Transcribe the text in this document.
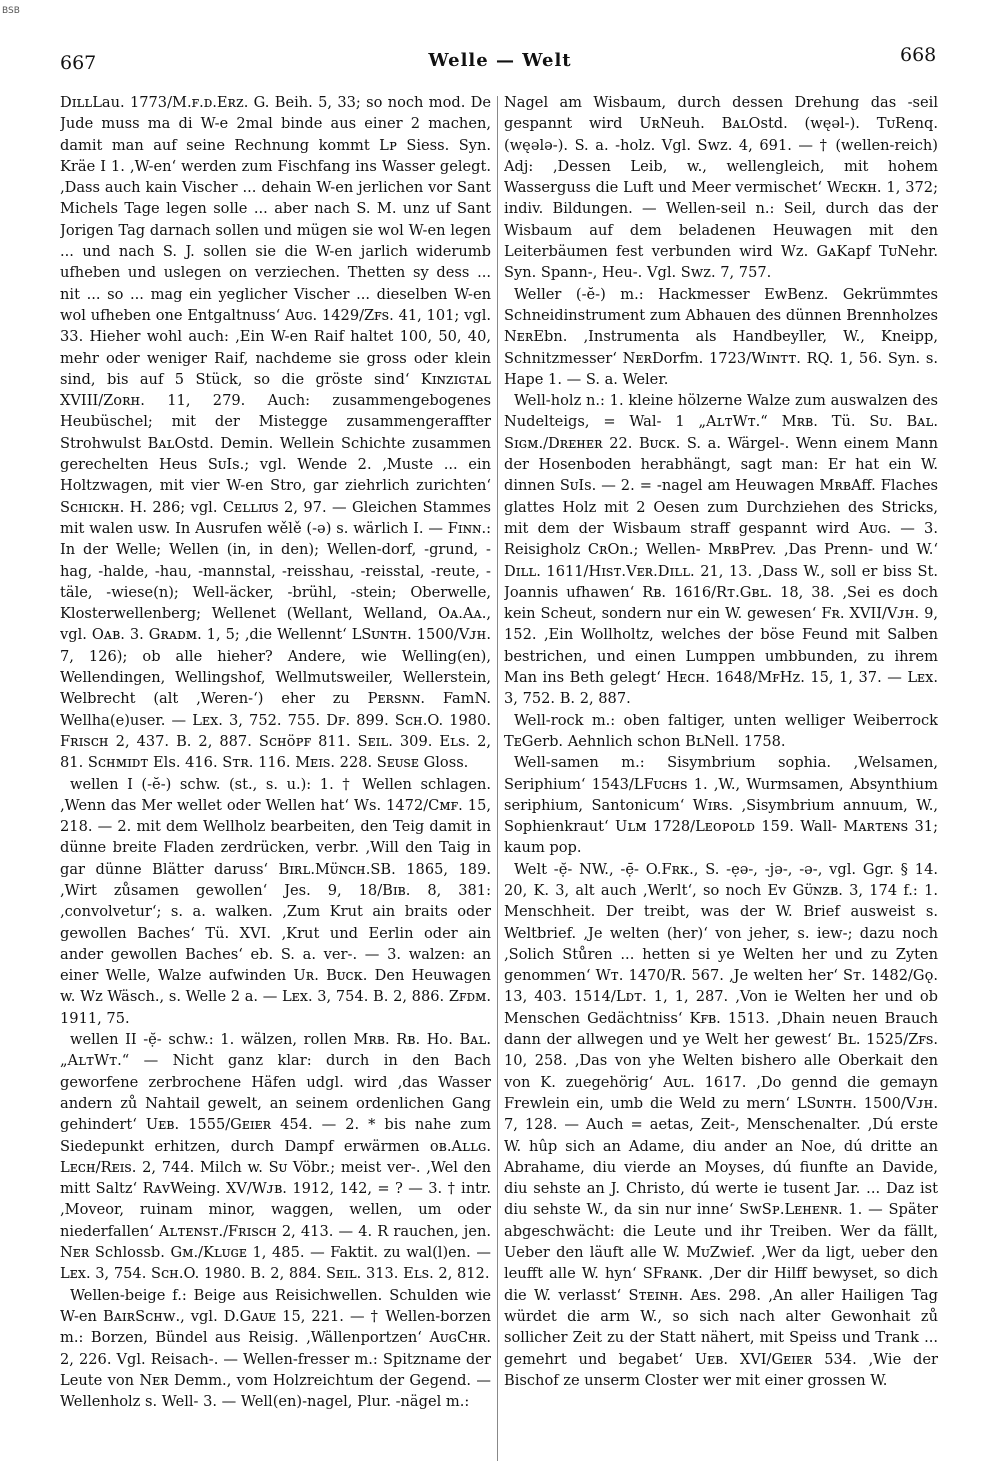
BSB
667	Welle — Welt	668

DɪʟʟLau. 1773/M.ꜰ.ᴅ.Eʀᴢ. G. Beih. 5, 33; so noch mod. De Jude muss ma di W-e 2mal binde aus einer 2 machen, damit man auf seine Rechnung kommt Lᴘ Siess. Syn. Kräe I 1. ‚W-en‘ werden zum Fischfang ins Wasser gelegt. ‚Dass auch kain Vischer ... dehain W-en jerlichen vor Sant Michels Tage legen solle ... aber nach S. M. unz uf Sant Jorigen Tag darnach sollen und mügen sie wol W-en legen ... und nach S. J. sollen sie die W-en jarlich widerumb ufheben und uslegen on verziechen. Thetten sy dess ... nit ... so ... mag ein yeglicher Vischer ... dieselben W-en wol ufheben one Entgaltnuss‘ Aᴜɢ. 1429/Zꜰs. 41, 101; vgl. 33. Hieher wohl auch: ‚Ein W-en Raif haltet 100, 50, 40, mehr oder weniger Raif, nachdeme sie gross oder klein sind, bis auf 5 Stück, so die gröste sind‘ Kɪɴᴢɪɢᴛᴀʟ XVIII/Zᴏʀʜ. 11, 279. Auch: zusammengebogenes Heubüschel; mit der Mistegge zusammengeraffter Strohwulst BᴀʟOstd. Demin. Wellein Schichte zusammen gerechelten Heus SᴜIs.; vgl. Wende 2. ‚Muste ... ein Holtzwagen, mit vier W-en Stro, gar ziehrlich zurichten‘ Sᴄʜɪᴄᴋʜ. H. 286; vgl. Cᴇʟʟɪᴜs 2, 97. — Gleichen Stammes mit walen usw. In Ausrufen wělě (-ə) s. wärlich I. — Fɪɴɴ.: In der Welle; Wellen (in, in den); Wellen-dorf, -grund, -hag, -halde, -hau, -mannstal, -reisshau, -reisstal, -reute, -täle, -wiese(n); Well-äcker, -brühl, -stein; Oberwelle, Klosterwellenberg; Wellenet (Wellant, Welland, Oᴀ.Aᴀ., vgl. Oᴀʙ. 3. Gʀᴀᴅᴍ. 1, 5; ‚die Wellennt‘ LSᴜɴᴛʜ. 1500/Vᴊʜ. 7, 126); ob alle hieher? Andere, wie Welling(en), Wellendingen, Wellingshof, Wellmutsweiler, Wellerstein, Welbrecht (alt ‚Weren-‘) eher zu Pᴇʀsɴɴ. FamN. Wellha(e)user. — Lᴇx. 3, 752. 755. Dꜰ. 899. Sᴄʜ.O. 1980. Fʀɪsᴄʜ 2, 437. B. 2, 887. Sᴄʜöᴘꜰ 811. Sᴇɪʟ. 309. Eʟs. 2, 81. Sᴄʜᴍɪᴅᴛ Els. 416. Sᴛʀ. 116. Mᴇɪs. 228. Sᴇᴜsᴇ Gloss.

wellen I (-ĕ-) schw. (st., s. u.): 1. † Wellen schlagen. ‚Wenn das Mer wellet oder Wellen hat‘ Ws. 1472/Cᴍꜰ. 15, 218. — 2. mit dem Wellholz bearbeiten, den Teig damit in dünne breite Fladen zerdrücken, verbr. ‚Will den Taig in gar dünne Blätter daruss‘ Bɪʀʟ.Mᴜ̈ɴᴄʜ.SB. 1865, 189. ‚Wirt zůsamen gewollen‘ Jes. 9, 18/Bɪʙ. 8, 381: ‚convolvetur‘; s. a. walken. ‚Zum Krut ain braits oder gewollen Baches‘ Tü. XVI. ‚Krut und Eerlin oder ain ander gewollen Baches‘ eb. S. a. ver-. — 3. walzen: an einer Welle, Walze aufwinden Uʀ. Bᴜᴄᴋ. Den Heuwagen w. Wz Wäsch., s. Welle 2 a. — Lᴇx. 3, 754. B. 2, 886. Zꜰᴅᴍ. 1911, 75.

wellen II -ẹ̆- schw.: 1. wälzen, rollen Mʀʙ. Rʙ. Hᴏ. Bᴀʟ. „AʟᴛWᴛ.“ — Nicht ganz klar: durch in den Bach geworfene zerbrochene Häfen udgl. wird ‚das Wasser andern zů Nahtail gewelt, an seinem ordenlichen Gang gehindert‘ Uᴇʙ. 1555/Gᴇɪᴇʀ 454. — 2. * bis nahe zum Siedepunkt erhitzen, durch Dampf erwärmen ᴏʙ.Aʟʟɢ. Lᴇᴄʜ/Rᴇɪs. 2, 744. Milch w. Sᴜ Vöbr.; meist ver-. ‚Wel den mitt Saltz‘ RᴀᴠWeing. XV/Wᴊʙ. 1912, 142, = ? — 3. † intr. ‚Moveor, ruinam minor, waggen, wellen, um oder niederfallen‘ Aʟᴛᴇɴsᴛ./Fʀɪsᴄʜ 2, 413. — 4. R rauchen, jen. Nᴇʀ Schlossb. Gᴍ./Kʟᴜɢᴇ 1, 485. — Faktit. zu wal(l)en. — Lᴇx. 3, 754. Sᴄʜ.O. 1980. B. 2, 884. Sᴇɪʟ. 313. Eʟs. 2, 812.

Wellen-beige f.: Beige aus Reisichwellen. Schulden wie W-en BᴀɪʀSᴄʜᴡ., vgl. D.Gᴀᴜᴇ 15, 221. — † Wellen-borzen m.: Borzen, Bündel aus Reisig. ‚Wällenportzen‘ AᴜɢCʜʀ. 2, 226. Vgl. Reisach-. — Wellen-fresser m.: Spitzname der Leute von Nᴇʀ Demm., vom Holzreichtum der Gegend. — Wellenholz s. Well- 3. — Well(en)-nagel, Plur. -nägel m.:

Nagel am Wisbaum, durch dessen Drehung das -seil gespannt wird UʀNeuh. BᴀʟOstd. (węəl-). TᴜRenq. (węələ-). S. a. -holz. Vgl. Swz. 4, 691. — † (wellen-reich) Adj: ‚Dessen Leib, w., wellengleich, mit hohem Wasserguss die Luft und Meer vermischet‘ Wᴇᴄᴋʜ. 1, 372; indiv. Bildungen. — Wellen-seil n.: Seil, durch das der Wisbaum auf dem beladenen Heuwagen mit den Leiterbäumen fest verbunden wird Wᴢ. GᴀKapf TᴜNehr. Syn. Spann-, Heu-. Vgl. Swz. 7, 757.

Weller (-ĕ-) m.: Hackmesser EᴡBenz. Gekrümmtes Schneidinstrument zum Abhauen des dünnen Brennholzes NᴇʀEbn. ‚Instrumenta als Handbeyller, W., Kneipp, Schnitzmesser‘ NᴇʀDorfm. 1723/Wɪɴᴛᴛ. RQ. 1, 56. Syn. s. Hape 1. — S. a. Weler.

Well-holz n.: 1. kleine hölzerne Walze zum auswalzen des Nudelteigs, = Wal- 1 „AʟᴛWᴛ.“ Mʀʙ. Tü. Sᴜ. Bᴀʟ. Sɪɢᴍ./Dʀᴇʜᴇʀ 22. Bᴜᴄᴋ. S. a. Wärgel-. Wenn einem Mann der Hosenboden herabhängt, sagt man: Er hat ein W. dinnen SᴜIs. — 2. = -nagel am Heuwagen MʀʙAff. Flaches glattes Holz mit 2 Oesen zum Durchziehen des Stricks, mit dem der Wisbaum straff gespannt wird Aᴜɢ. — 3. Reisigholz CʀOn.; Wellen- MʀʙPrev. ‚Das Prenn- und W.‘ Dɪʟʟ. 1611/Hɪsᴛ.Vᴇʀ.Dɪʟʟ. 21, 13. ‚Dass W., soll er biss St. Joannis ufhawen‘ Rʙ. 1616/Rᴛ.Gʙʟ. 18, 38. ‚Sei es doch kein Scheut, sondern nur ein W. gewesen‘ Fʀ. XVII/Vᴊʜ. 9, 152. ‚Ein Wollholtz, welches der böse Feund mit Salben bestrichen, und einen Lumppen umbbunden, zu ihrem Man ins Beth gelegt‘ Hᴇᴄʜ. 1648/MꜰHᴢ. 15, 1, 37. — Lᴇx. 3, 752. B. 2, 887.

Well-rock m.: oben faltiger, unten welliger Weiberrock TᴇGerb. Aehnlich schon BʟNell. 1758.

Well-samen m.: Sisymbrium sophia. ‚Welsamen, Seriphium‘ 1543/LFᴜᴄʜs 1. ‚W., Wurmsamen, Absynthium seriphium, Santonicum‘ Wɪʀs. ‚Sisymbrium annuum, W., Sophienkraut‘ Uʟᴍ 1728/Lᴇᴏᴘᴏʟᴅ 159. Wall- Mᴀʀᴛᴇɴs 31; kaum pop.

Welt -ẹ̆- NW., -ẹ̄- O.Fʀᴋ., S. -ẹə-, -jə-, -ə-, vgl. Ggr. § 14. 20, K. 3, alt auch ‚Werlt‘, so noch Eᴠ Gᴜ̈ɴᴢʙ. 3, 174 f.: 1. Menschheit. Der treibt, was der W. Brief ausweist s. Weltbrief. ‚Je welten (her)‘ von jeher, s. iew-; dazu noch ‚Solich Stůren ... hetten si ye Welten her und zu Zyten genommen‘ Wᴛ. 1470/R. 567. ‚Je welten her‘ Sᴛ. 1482/Gǫ. 13, 403. 1514/Lᴅᴛ. 1, 1, 287. ‚Von ie Welten her und ob Menschen Gedächtniss‘ Kꜰʙ. 1513. ‚Dhain neuen Brauch dann der allwegen und ye Welt her gewest‘ Bʟ. 1525/Zꜰs. 10, 258. ‚Das von yhe Welten bishero alle Oberkait den von K. zuegehörig‘ Aᴜʟ. 1617. ‚Do gennd die gemayn Frewlein ein, umb die Weld zu mern‘ LSᴜɴᴛʜ. 1500/Vᴊʜ. 7, 128. — Auch = aetas, Zeit-, Menschenalter. ‚Dú erste W. hûp sich an Adame, diu ander an Noe, dú dritte an Abrahame, diu vierde an Moyses, dú fiunfte an Davide, diu sehste an J. Christo, dú werte ie tusent Jar. ... Daz ist diu sehste W., da sin nur inne‘ SᴡSᴘ.Lᴇʜᴇɴʀ. 1. — Später abgeschwächt: die Leute und ihr Treiben. Wer da fällt, Ueber den läuft alle W. MᴜZwief. ‚Wer da ligt, ueber den leufft alle W. hyn‘ SFʀᴀɴᴋ. ‚Der dir Hilff bewyset, so dich die W. verlasst‘ Sᴛᴇɪɴʜ. Aᴇs. 298. ‚An aller Hailigen Tag würdet die arm W., so sich nach alter Gewonhait zů sollicher Zeit zu der Statt nähert, mit Speiss und Trank ... gemehrt und begabet‘ Uᴇʙ. XVI/Gᴇɪᴇʀ 534. ‚Wie der Bischof ze unserm Closter wer mit einer grossen W.
